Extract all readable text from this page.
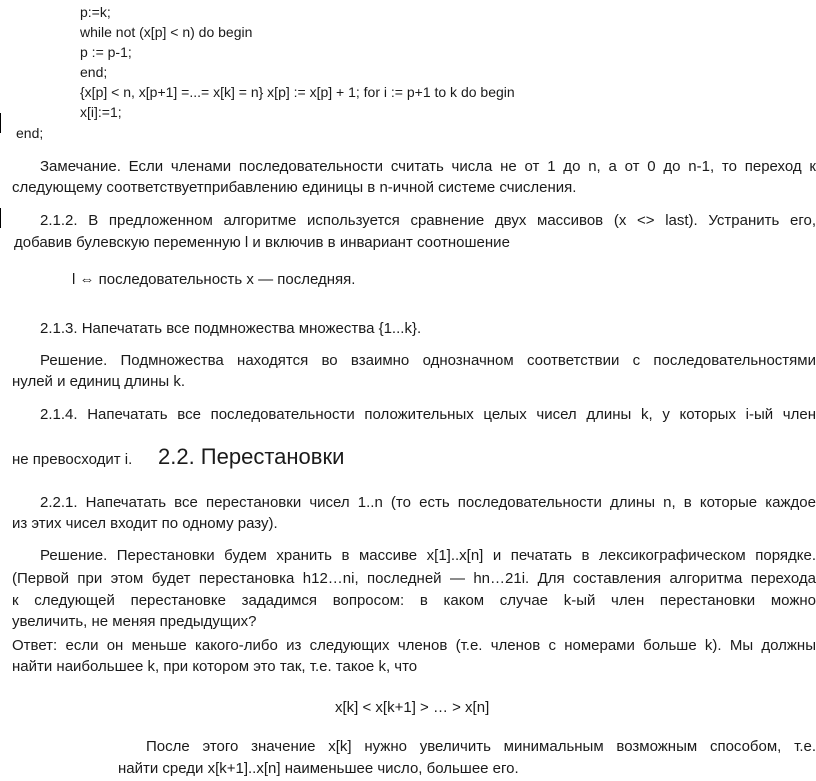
p:=k;
while not (x[p] < n) do begin
p := p-1;
end;
{x[p] < n, x[p+1] =...= x[k] = n} x[p] := x[p] + 1; for i := p+1 to k do begin
x[i]:=1;
end;
Замечание. Если членами последовательности считать числа не от 1 до n, а от 0 до n-1, то переход к
следующему соответствуетприбавлению единицы в n-ичной системе счисления.
2.1.2. В предложенном алгоритме используется сравнение двух массивов (x <> last). Устранить его,
добавив булевскую переменную l и включив в инвариант соотношение
l ⇔ последовательность x — последняя.
2.1.3. Напечатать все подмножества множества {1...k}.
Решение. Подмножества находятся во взаимно однозначном соответствии с последовательностями
нулей и единиц длины k.
2.1.4. Напечатать все последовательности положительных целых чисел длины k, у которых i-ый член
не превосходит i. 2.2. Перестановки
2.2.1. Напечатать все перестановки чисел 1..n (то есть последовательности длины n, в которые каждое
из этих чисел входит по одному разу).
Решение. Перестановки будем хранить в массиве x[1]..x[n] и печатать в лексикографическом порядке.
(Первой при этом будет перестановка h12…ni, последней — hn…21i. Для составления алгоритма перехода
к следующей перестановке зададимся вопросом: в каком случае k-ый член перестановки можно
увеличить, не меняя предыдущих?
Ответ: если он меньше какого-либо из следующих членов (т.е. членов с номерами больше k). Мы должны
найти наибольшее k, при котором это так, т.е. такое k, что
x[k] < x[k+1] > … > x[n]
После этого значение x[k] нужно увеличить минимальным возможным способом, т.е.
найти среди x[k+1]..x[n] наименьшее число, большее его.
